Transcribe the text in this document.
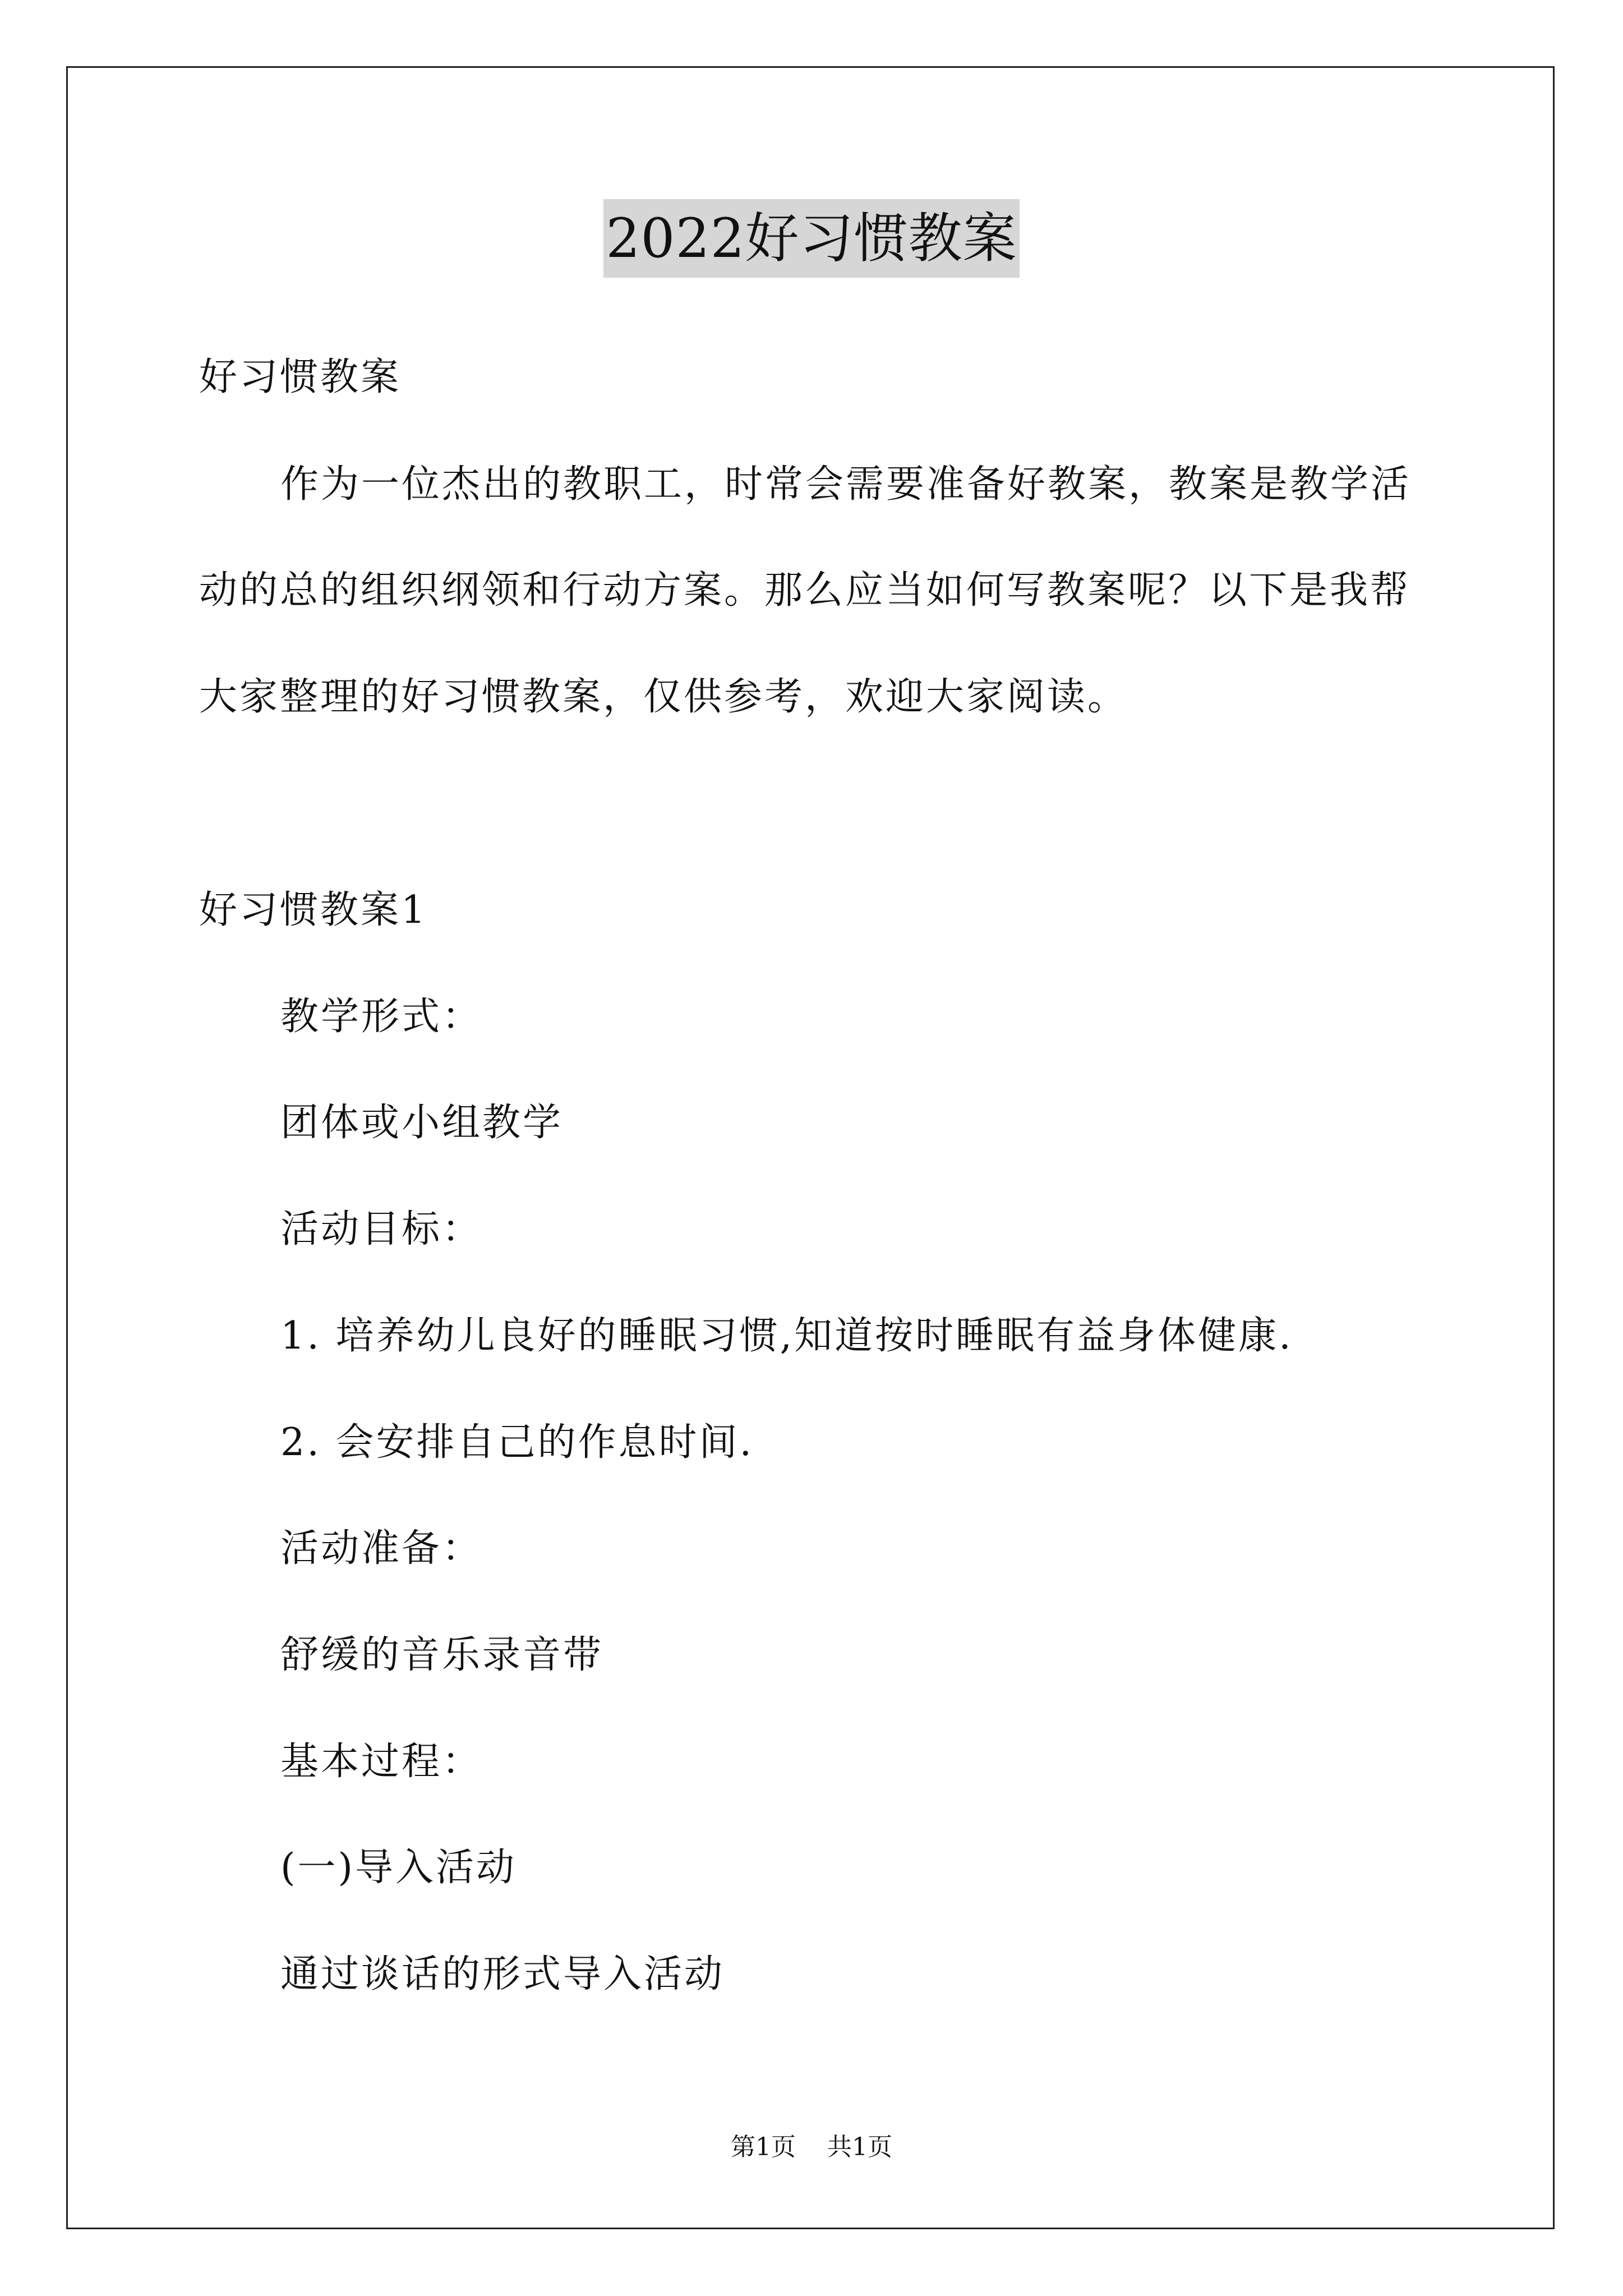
2022好习惯教案
好习惯教案
作为一位杰出的教职工，时常会需要准备好教案，教案是教学活
动的总的组织纲领和行动方案。那么应当如何写教案呢？以下是我帮
大家整理的好习惯教案，仅供参考，欢迎大家阅读。
好习惯教案1
教学形式：
团体或小组教学
活动目标：
1. 培养幼儿良好的睡眠习惯,知道按时睡眠有益身体健康.
2. 会安排自己的作息时间.
活动准备：
舒缓的音乐录音带
基本过程：
(一)导入活动
通过谈话的形式导入活动
第1页    共1页
